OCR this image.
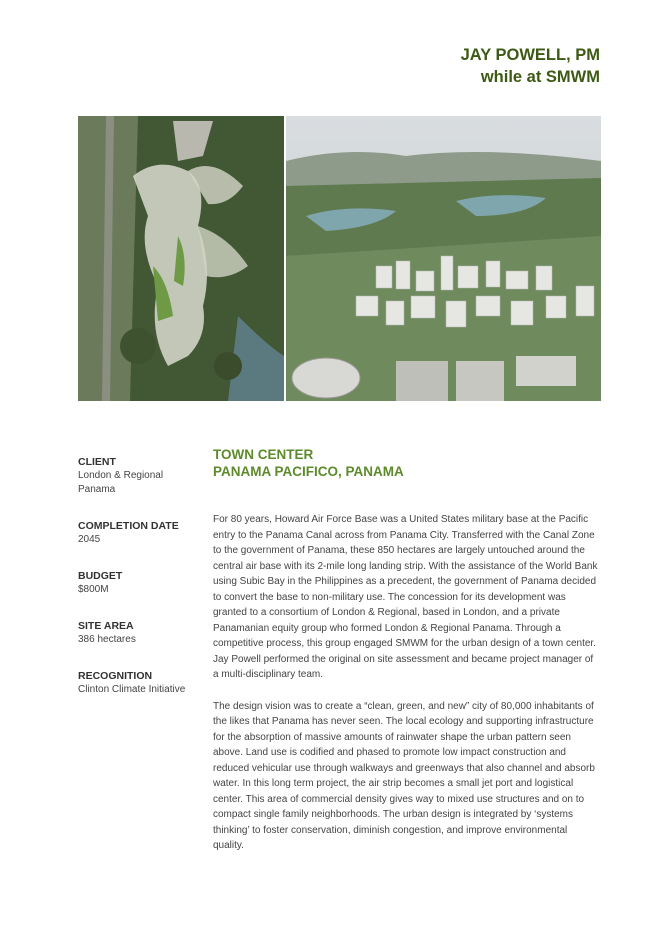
JAY POWELL, PM
while at SMWM
CLIENT
London & Regional Panama
COMPLETION DATE
2045
BUDGET
$800M
SITE AREA
386 hectares
RECOGNITION
Clinton Climate Initiative
TOWN CENTER
PANAMA PACIFICO, PANAMA

For 80 years, Howard Air Force Base was a United States military base at the Pacific entry to the Panama Canal across from Panama City. Transferred with the Canal Zone to the government of Panama, these 850 hectares are largely untouched around the central air base with its 2-mile long landing strip. With the assistance of the World Bank using Subic Bay in the Philippines as a precedent, the government of Panama decided to convert the base to non-military use. The concession for its development was granted to a consortium of London & Regional, based in London, and a private Panamanian equity group who formed London & Regional Panama. Through a competitive process, this group engaged SMWM for the urban design of a town center. Jay Powell performed the original on site assessment and became project manager of a multi-disciplinary team.

The design vision was to create a “clean, green, and new” city of 80,000 inhabitants of the likes that Panama has never seen. The local ecology and supporting infrastructure for the absorption of massive amounts of rainwater shape the urban pattern seen above. Land use is codified and phased to promote low impact construction and reduced vehicular use through walkways and greenways that also channel and absorb water. In this long term project, the air strip becomes a small jet port and logistical center. This area of commercial density gives way to mixed use structures and on to compact single family neighborhoods. The urban design is integrated by ‘systems thinking’ to foster conservation, diminish congestion, and improve environmental quality.
